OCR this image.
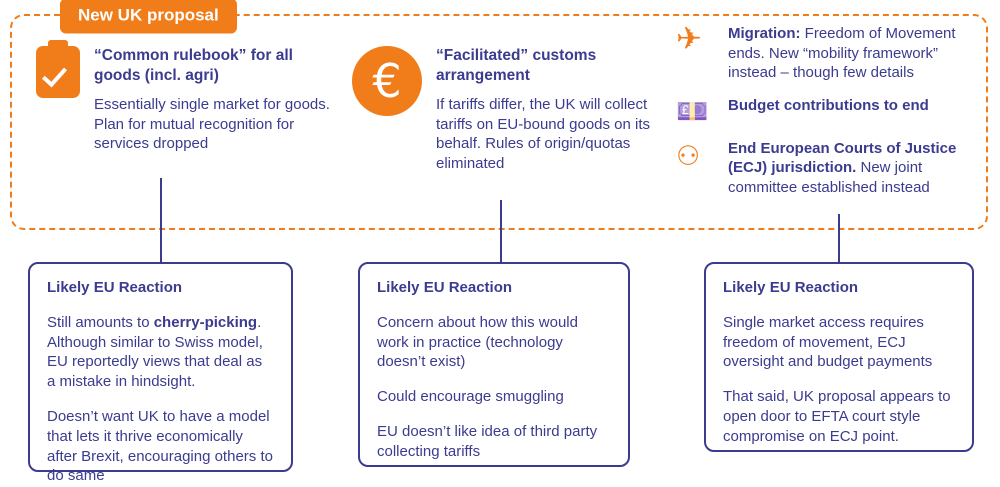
New UK proposal

“Common rulebook” for all goods (incl. agri)

Essentially single market for goods. Plan for mutual recognition for services dropped

€	“Facilitated” customs arrangement

If tariffs differ, the UK will collect tariffs on EU-bound goods on its behalf. Rules of origin/quotas eliminated

✈	Migration: Freedom of Movement ends. New “mobility framework” instead – though few details
💷	Budget contributions to end
⚇	End European Courts of Justice (ECJ) jurisdiction. New joint committee established instead

Likely EU Reaction

Still amounts to cherry-picking. Although similar to Swiss model, EU reportedly views that deal as a mistake in hindsight.

Doesn’t want UK to have a model that lets it thrive economically after Brexit, encouraging others to do same

Likely EU Reaction

Concern about how this would work in practice (technology doesn’t exist)

Could encourage smuggling

EU doesn’t like idea of third party collecting tariffs

Likely EU Reaction

Single market access requires freedom of movement, ECJ oversight and budget payments

That said, UK proposal appears to open door to EFTA court style compromise on ECJ point.
